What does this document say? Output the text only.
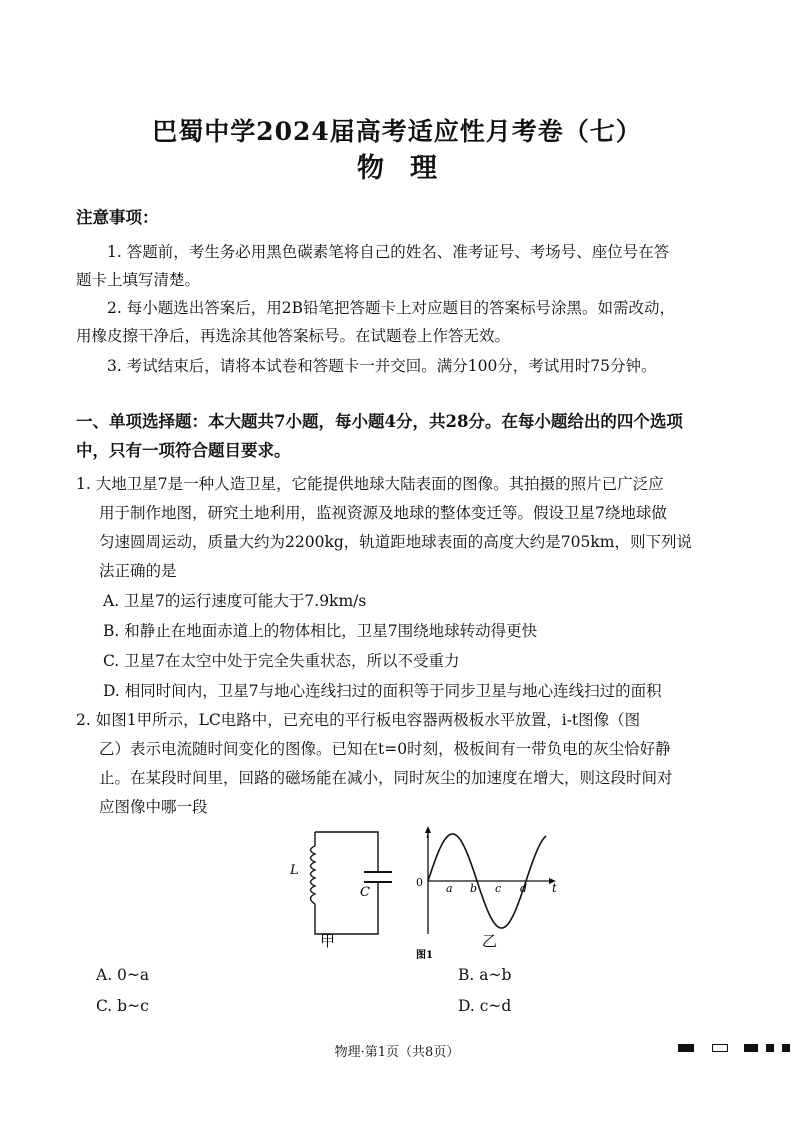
巴蜀中学2024届高考适应性月考卷（七）
物理
注意事项：
1. 答题前，考生务必用黑色碳素笔将自己的姓名、准考证号、考场号、座位号在答
题卡上填写清楚。
2. 每小题选出答案后，用2B铅笔把答题卡上对应题目的答案标号涂黑。如需改动，
用橡皮擦干净后，再选涂其他答案标号。在试题卷上作答无效。
3. 考试结束后，请将本试卷和答题卡一并交回。满分100分，考试用时75分钟。
一、单项选择题：本大题共7小题，每小题4分，共28分。在每小题给出的四个选项
中，只有一项符合题目要求。
1. 大地卫星7是一种人造卫星，它能提供地球大陆表面的图像。其拍摄的照片已广泛应
用于制作地图，研究土地利用，监视资源及地球的整体变迁等。假设卫星7绕地球做
匀速圆周运动，质量大约为2200kg，轨道距地球表面的高度大约是705km，则下列说
法正确的是
A. 卫星7的运行速度可能大于7.9km/s
B. 和静止在地面赤道上的物体相比，卫星7围绕地球转动得更快
C. 卫星7在太空中处于完全失重状态，所以不受重力
D. 相同时间内，卫星7与地心连线扫过的面积等于同步卫星与地心连线扫过的面积
2. 如图1甲所示，LC电路中，已充电的平行板电容器两极板水平放置，i-t图像（图
乙）表示电流随时间变化的图像。已知在t=0时刻，极板间有一带负电的灰尘恰好静
止。在某段时间里，回路的磁场能在减小，同时灰尘的加速度在增大，则这段时间对
应图像中哪一段
L
C
甲
i
t
0 a b c d
乙
图1
A. 0~a	B. a~b
C. b~c	D. c~d
物理·第1页（共8页）
